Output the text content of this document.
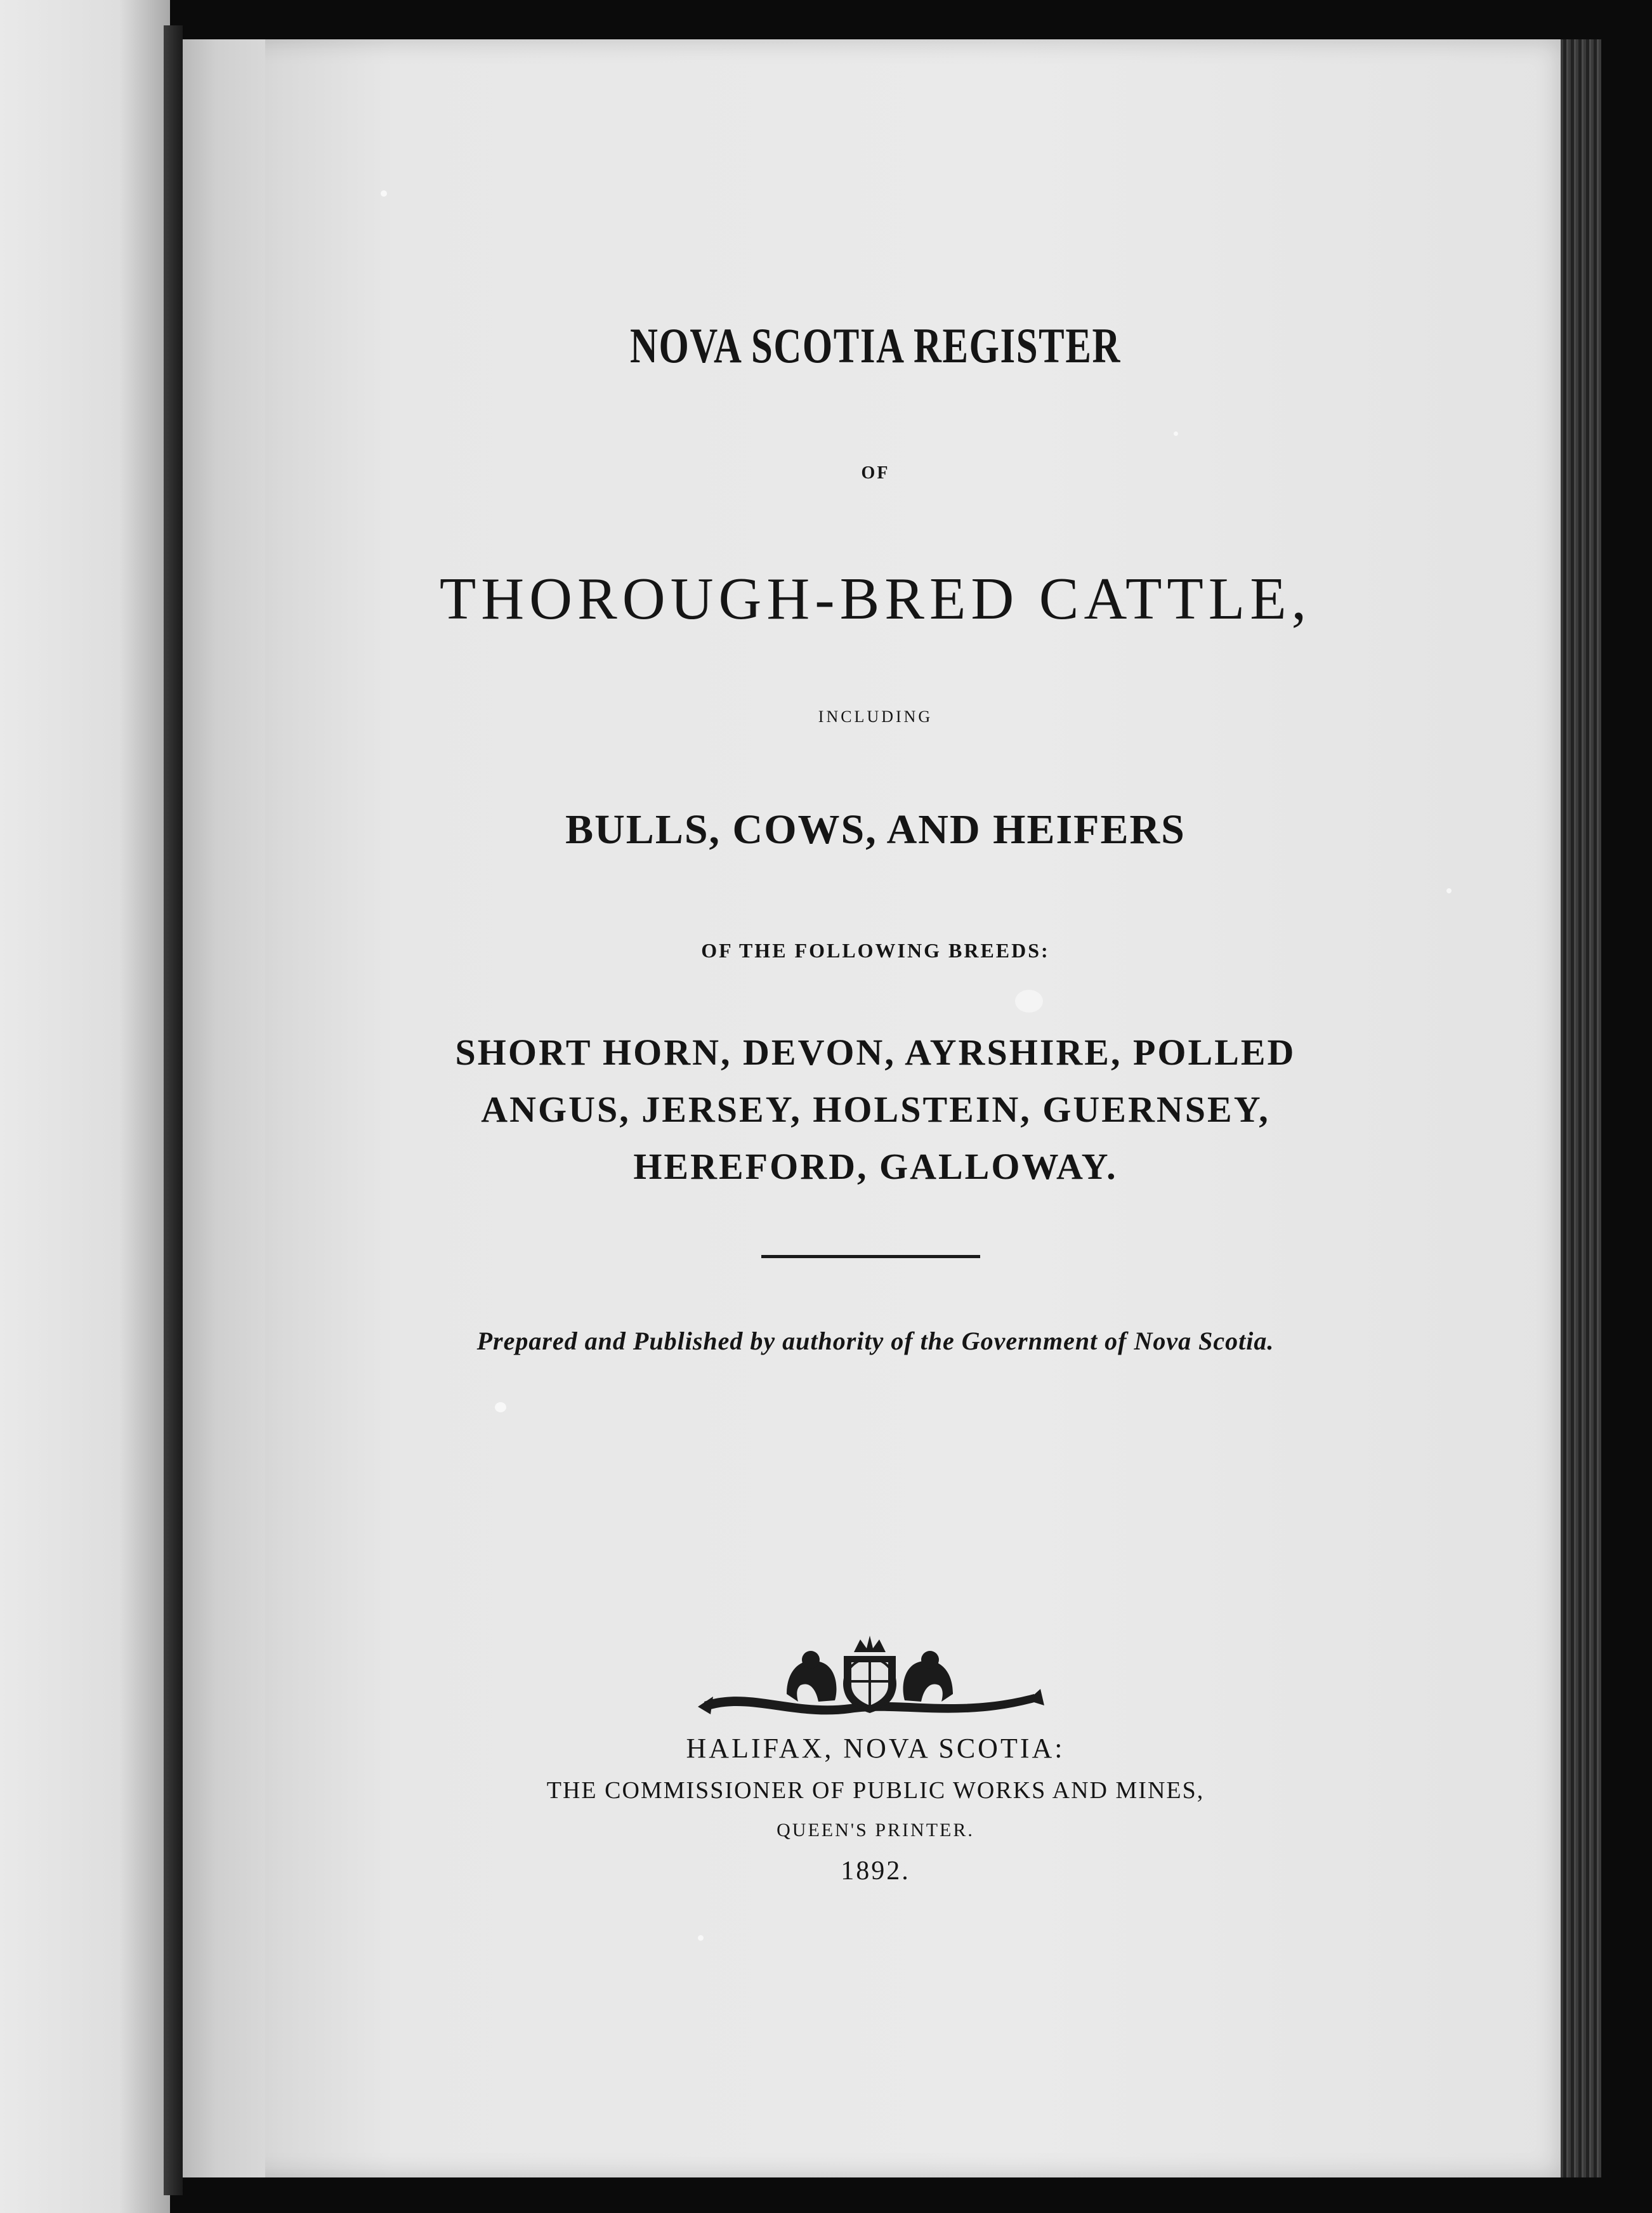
NOVA SCOTIA REGISTER

OF

THOROUGH-BRED CATTLE,

INCLUDING

BULLS, COWS, AND HEIFERS

OF THE FOLLOWING BREEDS:

SHORT HORN, DEVON, AYRSHIRE, POLLED

ANGUS, JERSEY, HOLSTEIN, GUERNSEY,

HEREFORD, GALLOWAY.

Prepared and Published by authority of the Government of Nova Scotia.

HALIFAX, NOVA SCOTIA:

THE COMMISSIONER OF PUBLIC WORKS AND MINES,

QUEEN'S PRINTER.

1892.
